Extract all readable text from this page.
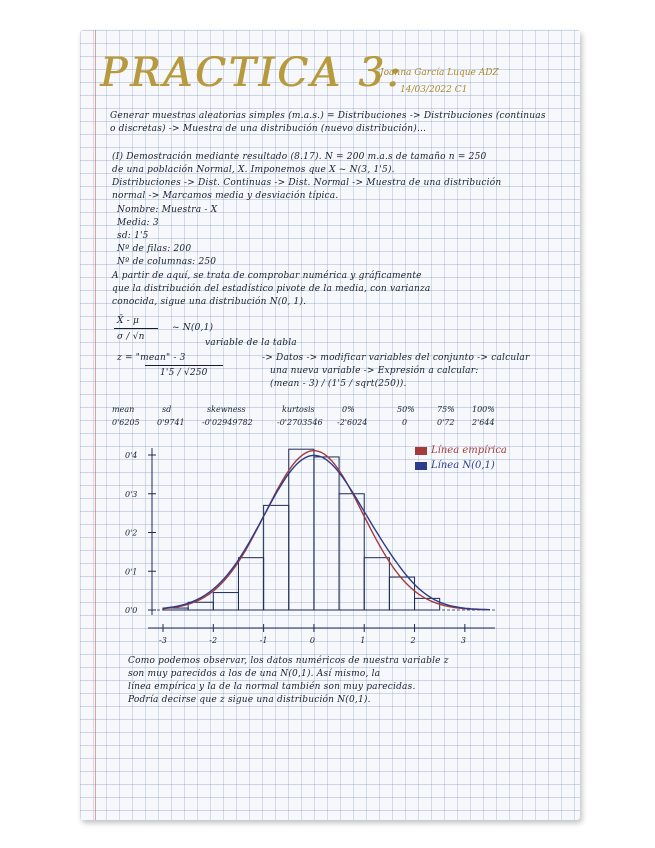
PRACTICA 3:
Joanna García Luque ADZ
14/03/2022 C1
Generar muestras aleatorias simples (m.a.s.) = Distribuciones -> Distribuciones (continuas
o discretas) -> Muestra de una distribución (nuevo distribución)...
(I) Demostración mediante resultado (8.17). N = 200 m.a.s de tamaño n = 250
de una población Normal, X. Imponemos que X ~ N(3, 1'5).
Distribuciones -> Dist. Continuas -> Dist. Normal -> Muestra de una distribución
normal -> Marcamos media y desviación típica.
Nombre: Muestra - X
Media: 3
sd: 1'5
Nº de filas: 200
Nº de columnas: 250
A partir de aquí, se trata de comprobar numérica y gráficamente
que la distribución del estadístico pivote de la media, con varianza
conocida, sigue una distribución N(0, 1).
X̄ - μ
σ / √n
~ N(0,1)
variable de la tabla
z = "mean" - 3
1'5 / √250
-> Datos -> modificar variables del conjunto -> calcular
una nueva variable -> Expresión a calcular:
(mean - 3) / (1'5 / sqrt(250)).
mean	sd	skewness	kurtosis	0%	50%	75% 100%
0'6205 0'9741 -0'02949782	-0'2703546 -2'6024	0	0'72 2'644
Línea empírica
Línea N(0,1)
0'0
0'1
0'2
0'3
0'4
-3	-2	-1	0	1	2	3
Como podemos observar, los datos numéricos de nuestra variable z
son muy parecidos a los de una N(0,1). Así mismo, la
línea empírica y la de la normal también son muy parecidas.
Podría decirse que z sigue una distribución N(0,1).
